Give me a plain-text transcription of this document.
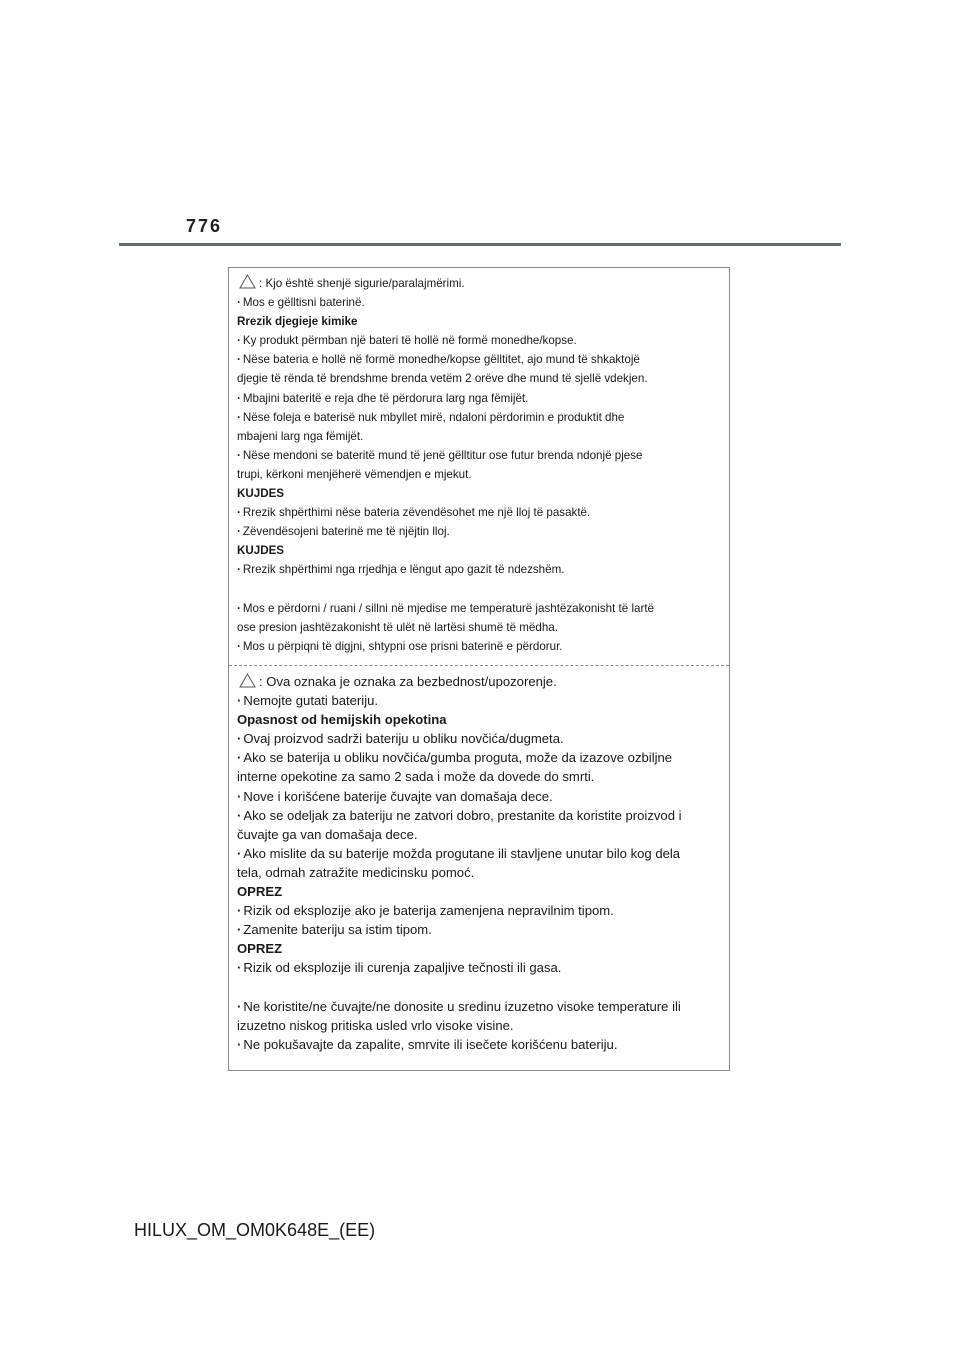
776

: Kjo është shenjë sigurie/paralajmërimi.

· Mos e gëlltisni baterinë.

Rrezik djegieje kimike

· Ky produkt përmban një bateri të hollë në formë monedhe/kopse.

· Nëse bateria e hollë në formë monedhe/kopse gëlltitet, ajo mund të shkaktojë

djegie të rënda të brendshme brenda vetëm 2 orëve dhe mund të sjellë vdekjen.

· Mbajini bateritë e reja dhe të përdorura larg nga fëmijët.

· Nëse foleja e baterisë nuk mbyllet mirë, ndaloni përdorimin e produktit dhe

mbajeni larg nga fëmijët.

· Nëse mendoni se bateritë mund të jenë gëlltitur ose futur brenda ndonjë pjese

trupi, kërkoni menjëherë vëmendjen e mjekut.

KUJDES

· Rrezik shpërthimi nëse bateria zëvendësohet me një lloj të pasaktë.

· Zëvendësojeni baterinë me të njëjtin lloj.

KUJDES

· Rrezik shpërthimi nga rrjedhja e lëngut apo gazit të ndezshëm.

· Mos e përdorni / ruani / sillni në mjedise me temperaturë jashtëzakonisht të lartë

ose presion jashtëzakonisht të ulët në lartësi shumë të mëdha.

· Mos u përpiqni të digjni, shtypni ose prisni baterinë e përdorur.

: Ova oznaka je oznaka za bezbednost/upozorenje.

· Nemojte gutati bateriju.

Opasnost od hemijskih opekotina

· Ovaj proizvod sadrži bateriju u obliku novčića/dugmeta.

· Ako se baterija u obliku novčića/gumba proguta, može da izazove ozbiljne

interne opekotine za samo 2 sada i može da dovede do smrti.

· Nove i korišćene baterije čuvajte van domašaja dece.

· Ako se odeljak za bateriju ne zatvori dobro, prestanite da koristite proizvod i

čuvajte ga van domašaja dece.

· Ako mislite da su baterije možda progutane ili stavljene unutar bilo kog dela

tela, odmah zatražite medicinsku pomoć.

OPREZ

· Rizik od eksplozije ako je baterija zamenjena nepravilnim tipom.

· Zamenite bateriju sa istim tipom.

OPREZ

· Rizik od eksplozije ili curenja zapaljive tečnosti ili gasa.

· Ne koristite/ne čuvajte/ne donosite u sredinu izuzetno visoke temperature ili

izuzetno niskog pritiska usled vrlo visoke visine.

· Ne pokušavajte da zapalite, smrvite ili isečete korišćenu bateriju.

HILUX_OM_OM0K648E_(EE)
